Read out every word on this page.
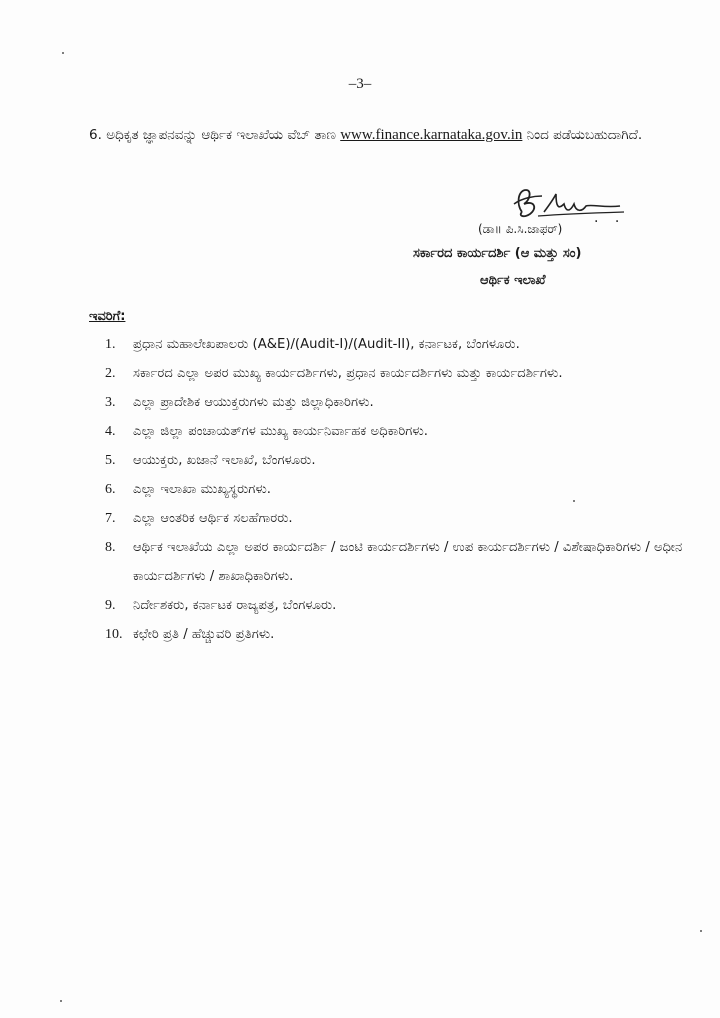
–3–
6. ಅಧಿಕೃತ ಜ್ಞಾಪನವನ್ನು ಆರ್ಥಿಕ ಇಲಾಖೆಯ ವೆಬ್ ತಾಣ www.finance.karnataka.gov.in ನಿಂದ ಪಡೆಯಬಹುದಾಗಿದೆ.
(ಡಾ॥ ಪಿ.ಸಿ.ಜಾಫರ್) · ·
ಸರ್ಕಾರದ ಕಾರ್ಯದರ್ಶಿ (ಆ ಮತ್ತು ಸಂ)
ಆರ್ಥಿಕ ಇಲಾಖೆ
ಇವರಿಗೆ:
1.	ಪ್ರಧಾನ ಮಹಾಲೇಖಪಾಲರು (A&E)/(Audit-I)/(Audit-II), ಕರ್ನಾಟಕ, ಬೆಂಗಳೂರು.
2.	ಸರ್ಕಾರದ ಎಲ್ಲಾ ಅಪರ ಮುಖ್ಯ ಕಾರ್ಯದರ್ಶಿಗಳು, ಪ್ರಧಾನ ಕಾರ್ಯದರ್ಶಿಗಳು ಮತ್ತು ಕಾರ್ಯದರ್ಶಿಗಳು.
3.	ಎಲ್ಲಾ ಪ್ರಾದೇಶಿಕ ಆಯುಕ್ತರುಗಳು ಮತ್ತು ಜಿಲ್ಲಾಧಿಕಾರಿಗಳು.
4.	ಎಲ್ಲಾ ಜಿಲ್ಲಾ ಪಂಚಾಯತ್‌ಗಳ ಮುಖ್ಯ ಕಾರ್ಯನಿರ್ವಾಹಕ ಅಧಿಕಾರಿಗಳು.
5.	ಆಯುಕ್ತರು, ಖಜಾನೆ ಇಲಾಖೆ, ಬೆಂಗಳೂರು.
6.	ಎಲ್ಲಾ ಇಲಾಖಾ ಮುಖ್ಯಸ್ಥರುಗಳು.
7.	ಎಲ್ಲಾ ಆಂತರಿಕ ಆರ್ಥಿಕ ಸಲಹೆಗಾರರು.
8.	ಆರ್ಥಿಕ ಇಲಾಖೆಯ ಎಲ್ಲಾ ಅಪರ ಕಾರ್ಯದರ್ಶಿ / ಜಂಟಿ ಕಾರ್ಯದರ್ಶಿಗಳು / ಉಪ ಕಾರ್ಯದರ್ಶಿಗಳು / ವಿಶೇಷಾಧಿಕಾರಿಗಳು / ಅಧೀನ ಕಾರ್ಯದರ್ಶಿಗಳು / ಶಾಖಾಧಿಕಾರಿಗಳು.
9.	ನಿರ್ದೇಶಕರು, ಕರ್ನಾಟಕ ರಾಜ್ಯಪತ್ರ, ಬೆಂಗಳೂರು.
10. ಕಛೇರಿ ಪ್ರತಿ / ಹೆಚ್ಚುವರಿ ಪ್ರತಿಗಳು.
